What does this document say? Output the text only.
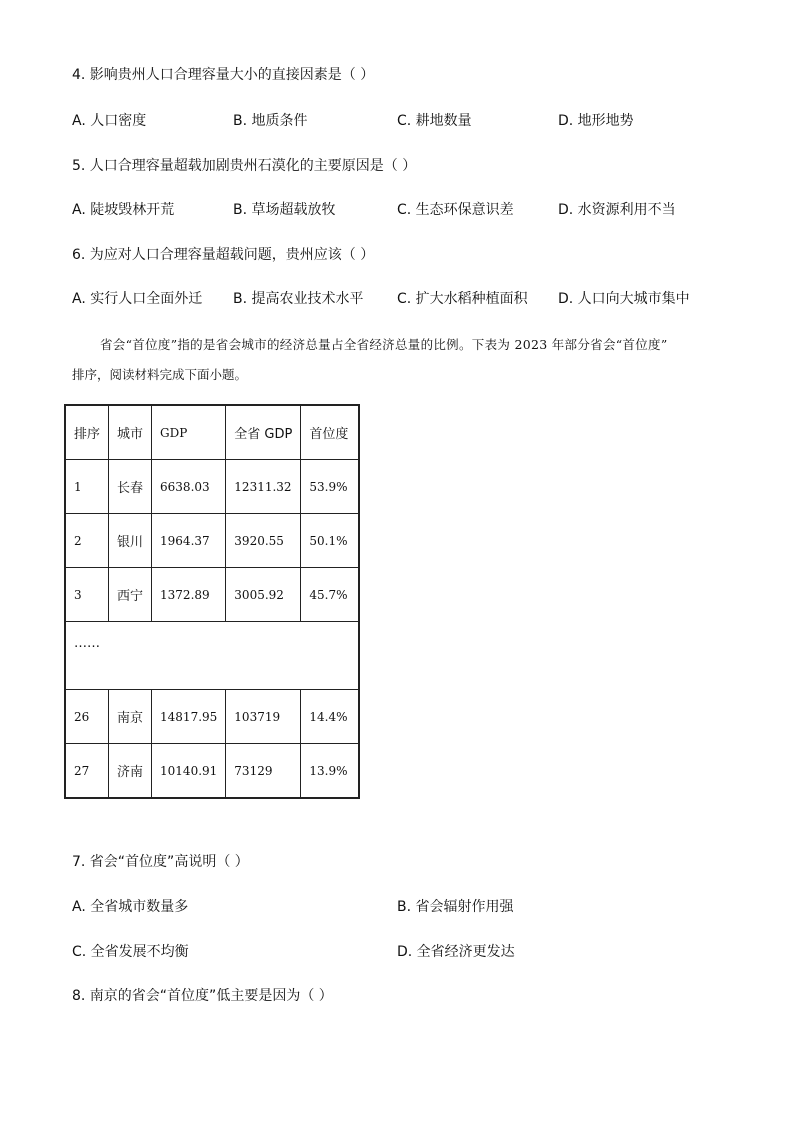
4. 影响贵州人口合理容量大小的直接因素是（ ）
A. 人口密度	B. 地质条件	C. 耕地数量	D. 地形地势
5. 人口合理容量超载加剧贵州石漠化的主要原因是（ ）
A. 陡坡毁林开荒	B. 草场超载放牧	C. 生态环保意识差	D. 水资源利用不当
6. 为应对人口合理容量超载问题，贵州应该（ ）
A. 实行人口全面外迁 B. 提高农业技术水平 C. 扩大水稻种植面积 D. 人口向大城市集中
省会“首位度”指的是省会城市的经济总量占全省经济总量的比例。下表为 2023 年部分省会“首位度”
排序，阅读材料完成下面小题。
排序	城市	GDP	全省 GDP	首位度
1	长春	6638.03	12311.32	53.9%
2	银川	1964.37	3920.55	50.1%
3	西宁	1372.89	3005.92	45.7%
……				
26	南京	14817.95	103719	14.4%
27	济南	10140.91	73129	13.9%
7. 省会“首位度”高说明（ ）
A. 全省城市数量多	B. 省会辐射作用强
C. 全省发展不均衡	D. 全省经济更发达
8. 南京的省会“首位度”低主要是因为（ ）
